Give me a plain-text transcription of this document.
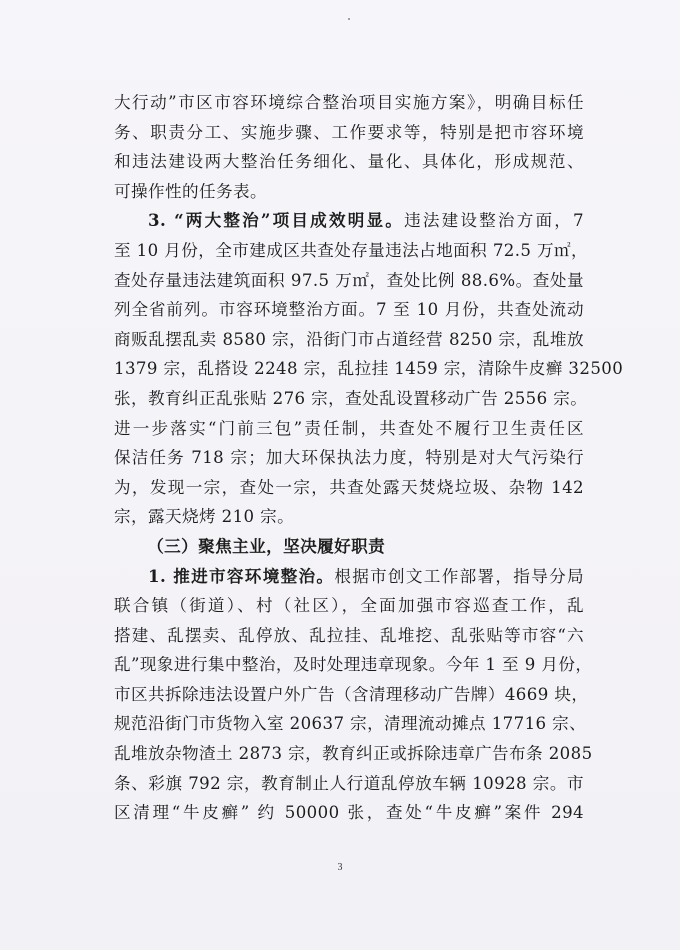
大行动”市区市容环境综合整治项目实施方案》，明确目标任
务、职责分工、实施步骤、工作要求等，特别是把市容环境
和违法建设两大整治任务细化、量化、具体化，形成规范、
可操作性的任务表。
  3. “两大整治”项目成效明显。违法建设整治方面，7
至 10 月份，全市建成区共查处存量违法占地面积 72.5 万㎡，
查处存量违法建筑面积 97.5 万㎡，查处比例 88.6%。查处量
列全省前列。市容环境整治方面。7 至 10 月份，共查处流动
商贩乱摆乱卖 8580 宗，沿街门市占道经营 8250 宗，乱堆放
1379 宗，乱搭设 2248 宗，乱拉挂 1459 宗，清除牛皮癣 32500
张，教育纠正乱张贴 276 宗，查处乱设置移动广告 2556 宗。
进一步落实“门前三包”责任制，共查处不履行卫生责任区
保洁任务 718 宗；加大环保执法力度，特别是对大气污染行
为，发现一宗，查处一宗，共查处露天焚烧垃圾、杂物 142
宗，露天烧烤 210 宗。

（三）聚焦主业，坚决履好职责

  1. 推进市容环境整治。根据市创文工作部署，指导分局
联合镇（街道）、村（社区），全面加强市容巡查工作，乱
搭建、乱摆卖、乱停放、乱拉挂、乱堆挖、乱张贴等市容“六
乱”现象进行集中整治，及时处理违章现象。今年 1 至 9 月份，
市区共拆除违法设置户外广告（含清理移动广告牌）4669 块，
规范沿街门市货物入室 20637 宗，清理流动摊点 17716 宗、
乱堆放杂物渣土 2873 宗，教育纠正或拆除违章广告布条 2085
条、彩旗 792 宗，教育制止人行道乱停放车辆 10928 宗。市
区清理“牛皮癣” 约 50000 张，查处“牛皮癣”案件 294
3
